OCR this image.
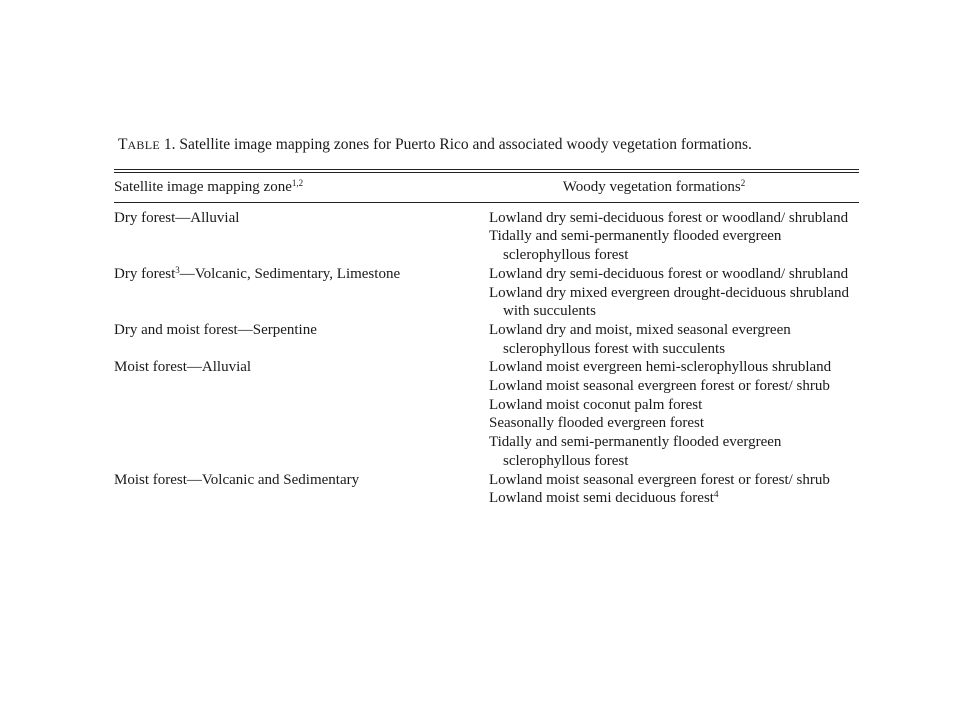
TABLE 1. Satellite image mapping zones for Puerto Rico and associated woody vegetation formations.
Satellite image mapping zone$^{1,2}$	Woody vegetation formations$^2$

Dry forest—Alluvial	Lowland dry semi-deciduous forest or woodland/ shrubland
Tidally and semi-permanently flooded evergreen sclerophyllous forest

Dry forest$^3$—Volcanic, Sedimentary, Limestone	Lowland dry semi-deciduous forest or woodland/ shrubland
Lowland dry mixed evergreen drought-deciduous shrubland with succulents

Dry and moist forest—Serpentine	Lowland dry and moist, mixed seasonal evergreen sclerophyllous forest with succulents

Moist forest—Alluvial	Lowland moist evergreen hemi-sclerophyllous shrubland
Lowland moist seasonal evergreen forest or forest/ shrub
Lowland moist coconut palm forest
Seasonally flooded evergreen forest
Tidally and semi-permanently flooded evergreen sclerophyllous forest

Moist forest—Volcanic and Sedimentary	Lowland moist seasonal evergreen forest or forest/ shrub
Lowland moist semi deciduous forest$^4$
